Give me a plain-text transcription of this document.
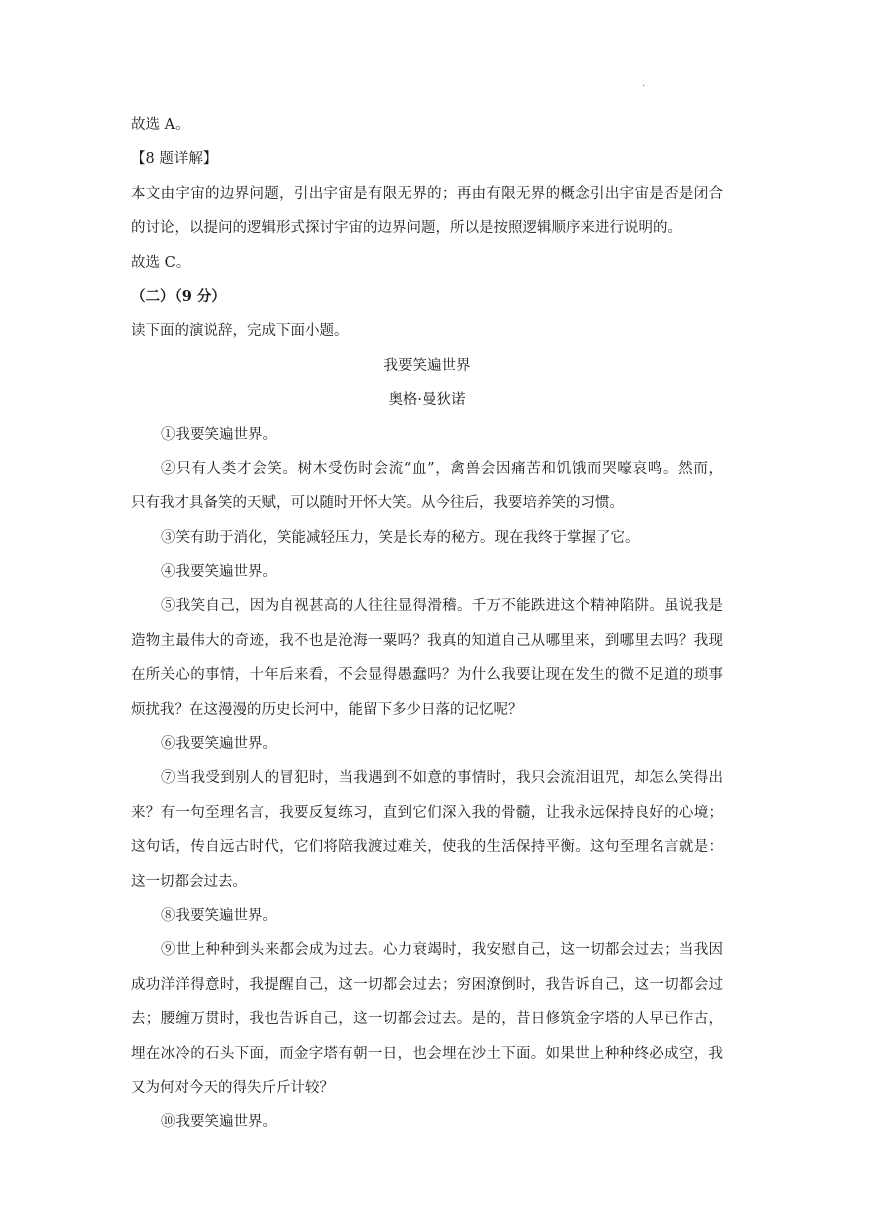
·
故选 A。
【8 题详解】
本文由宇宙的边界问题，引出宇宙是有限无界的；再由有限无界的概念引出宇宙是否是闭合
的讨论，以提问的逻辑形式探讨宇宙的边界问题，所以是按照逻辑顺序来进行说明的。
故选 C。
（二）（9 分）
读下面的演说辞，完成下面小题。
我要笑遍世界
奥格·曼狄诺
①我要笑遍世界。
②只有人类才会笑。树木受伤时会流“血”，禽兽会因痛苦和饥饿而哭嚎哀鸣。然而，
只有我才具备笑的天赋，可以随时开怀大笑。从今往后，我要培养笑的习惯。
③笑有助于消化，笑能减轻压力，笑是长寿的秘方。现在我终于掌握了它。
④我要笑遍世界。
⑤我笑自己，因为自视甚高的人往往显得滑稽。千万不能跌进这个精神陷阱。虽说我是
造物主最伟大的奇迹，我不也是沧海一粟吗？我真的知道自己从哪里来，到哪里去吗？我现
在所关心的事情，十年后来看，不会显得愚蠢吗？为什么我要让现在发生的微不足道的琐事
烦扰我？在这漫漫的历史长河中，能留下多少日落的记忆呢？
⑥我要笑遍世界。
⑦当我受到别人的冒犯时，当我遇到不如意的事情时，我只会流泪诅咒，却怎么笑得出
来？有一句至理名言，我要反复练习，直到它们深入我的骨髓，让我永远保持良好的心境；
这句话，传自远古时代，它们将陪我渡过难关，使我的生活保持平衡。这句至理名言就是：
这一切都会过去。
⑧我要笑遍世界。
⑨世上种种到头来都会成为过去。心力衰竭时，我安慰自己，这一切都会过去；当我因
成功洋洋得意时，我提醒自己，这一切都会过去；穷困潦倒时，我告诉自己，这一切都会过
去；腰缠万贯时，我也告诉自己，这一切都会过去。是的，昔日修筑金字塔的人早已作古，
埋在冰冷的石头下面，而金字塔有朝一日，也会埋在沙土下面。如果世上种种终必成空，我
又为何对今天的得失斤斤计较？
⑩我要笑遍世界。
